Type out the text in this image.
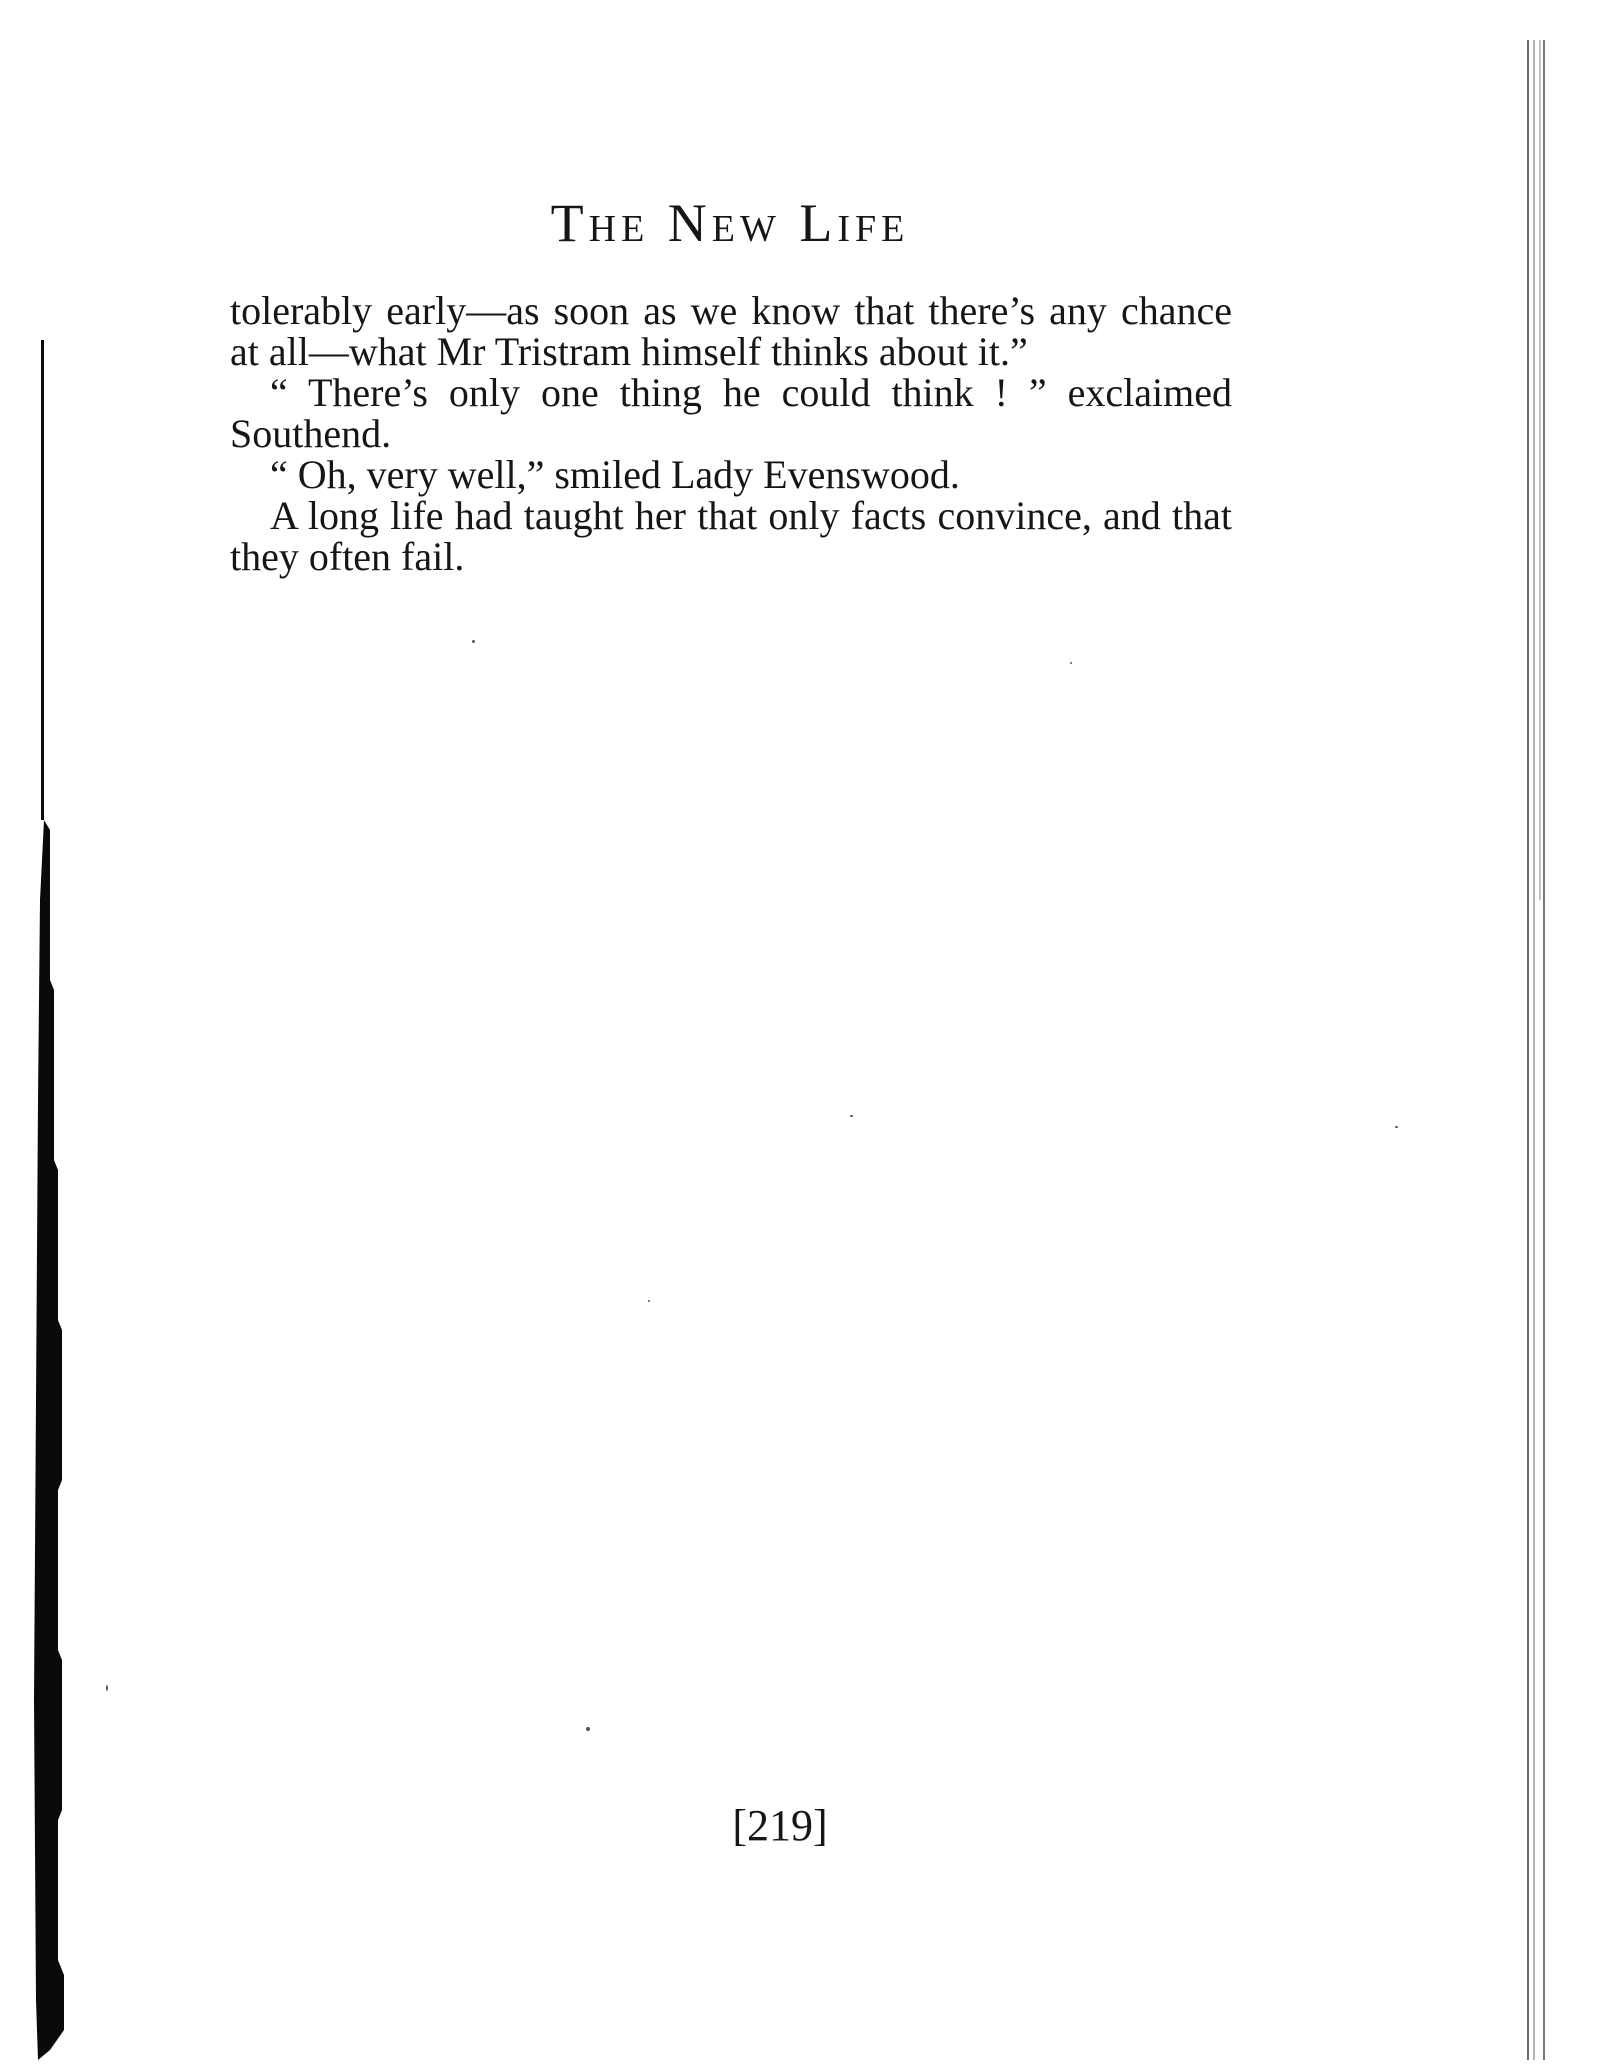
The New Life

tolerably early—as soon as we know that there’s any chance at all—what Mr Tristram himself thinks about it.”

“ There’s only one thing he could think ! ” exclaimed Southend.

“ Oh, very well,” smiled Lady Evenswood.

A long life had taught her that only facts convince, and that they often fail.

[219]
